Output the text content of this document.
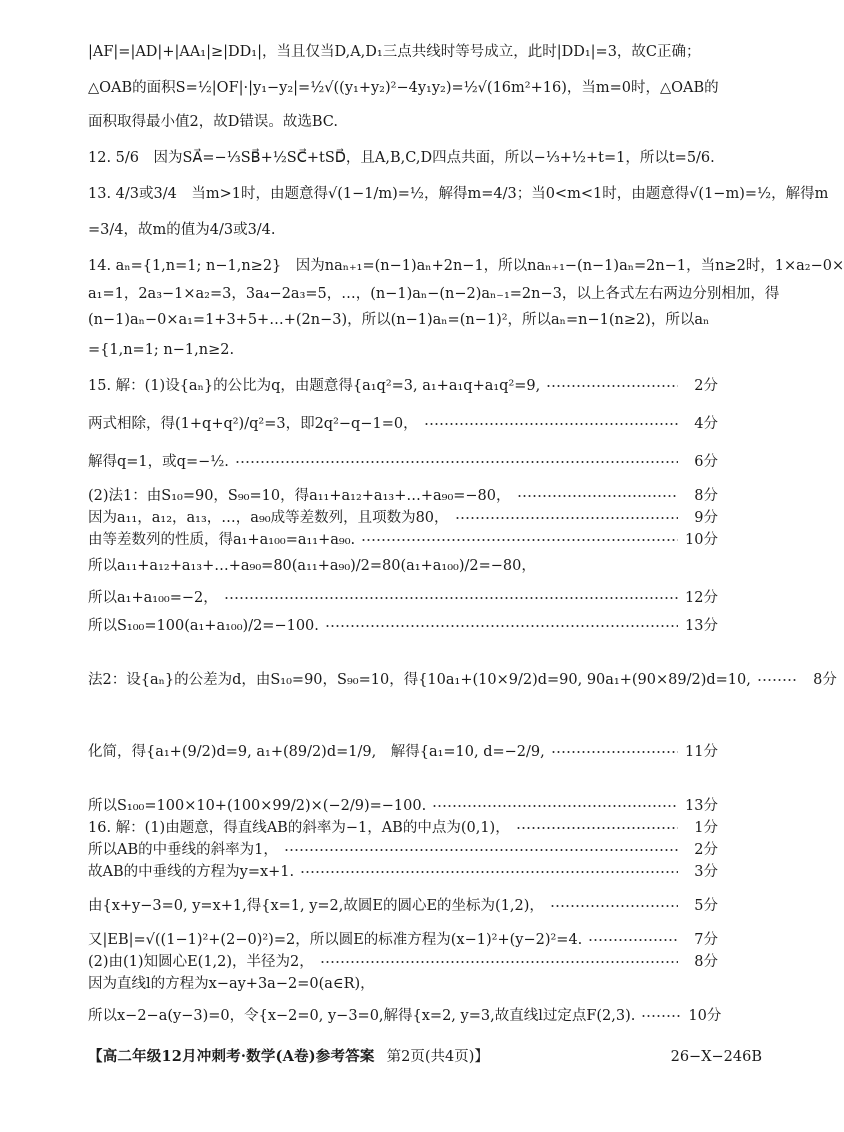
|AF|=|AD|+|AA₁|≥|DD₁|，当且仅当D,A,D₁三点共线时等号成立，此时|DD₁|=3，故C正确；
△OAB的面积S=½|OF|·|y₁−y₂|=½√((y₁+y₂)²−4y₁y₂)=½√(16m²+16)，当m=0时，△OAB的
面积取得最小值2，故D错误。故选BC.
12. 5/6　因为SA⃗=−⅓SB⃗+½SC⃗+tSD⃗，且A,B,C,D四点共面，所以−⅓+½+t=1，所以t=5/6.
13. 4/3或3/4　当m>1时，由题意得√(1−1/m)=½，解得m=4/3；当0<m<1时，由题意得√(1−m)=½，解得m
=3/4，故m的值为4/3或3/4.
14. aₙ={1,n=1; n−1,n≥2}　因为naₙ₊₁=(n−1)aₙ+2n−1，所以naₙ₊₁−(n−1)aₙ=2n−1，当n≥2时，1×a₂−0×
a₁=1，2a₃−1×a₂=3，3a₄−2a₃=5，…，(n−1)aₙ−(n−2)aₙ₋₁=2n−3，以上各式左右两边分别相加，得
(n−1)aₙ−0×a₁=1+3+5+…+(2n−3)，所以(n−1)aₙ=(n−1)²，所以aₙ=n−1(n≥2)，所以aₙ
={1,n=1; n−1,n≥2.
15. 解：(1)设{aₙ}的公比为q，由题意得{a₁q²=3, a₁+a₁q+a₁q²=9,	2分
两式相除，得(1+q+q²)/q²=3，即2q²−q−1=0，	4分
解得q=1，或q=−½.	6分
(2)法1：由S₁₀=90，S₉₀=10，得a₁₁+a₁₂+a₁₃+…+a₉₀=−80，	8分
因为a₁₁，a₁₂，a₁₃，…，a₉₀成等差数列，且项数为80，	9分
由等差数列的性质，得a₁+a₁₀₀=a₁₁+a₉₀.	10分
所以a₁₁+a₁₂+a₁₃+…+a₉₀=80(a₁₁+a₉₀)/2=80(a₁+a₁₀₀)/2=−80，
所以a₁+a₁₀₀=−2，	12分
所以S₁₀₀=100(a₁+a₁₀₀)/2=−100.	13分
法2：设{aₙ}的公差为d，由S₁₀=90，S₉₀=10，得{10a₁+(10×9/2)d=90, 90a₁+(90×89/2)d=10,	8分
化简，得{a₁+(9/2)d=9, a₁+(89/2)d=1/9,　解得{a₁=10, d=−2/9,	11分
所以S₁₀₀=100×10+(100×99/2)×(−2/9)=−100.	13分
16. 解：(1)由题意，得直线AB的斜率为−1，AB的中点为(0,1)，	1分
所以AB的中垂线的斜率为1，	2分
故AB的中垂线的方程为y=x+1.	3分
由{x+y−3=0, y=x+1,得{x=1, y=2,故圆E的圆心E的坐标为(1,2)，	5分
又|EB|=√((1−1)²+(2−0)²)=2，所以圆E的标准方程为(x−1)²+(y−2)²=4.	7分
(2)由(1)知圆心E(1,2)，半径为2，	8分
因为直线l的方程为x−ay+3a−2=0(a∈R)，
所以x−2−a(y−3)=0，令{x−2=0, y−3=0,解得{x=2, y=3,故直线l过定点F(2,3).	10分
【高二年级12月冲刺考·数学(A卷)参考答案 第2页(共4页)】	26−X−246B
